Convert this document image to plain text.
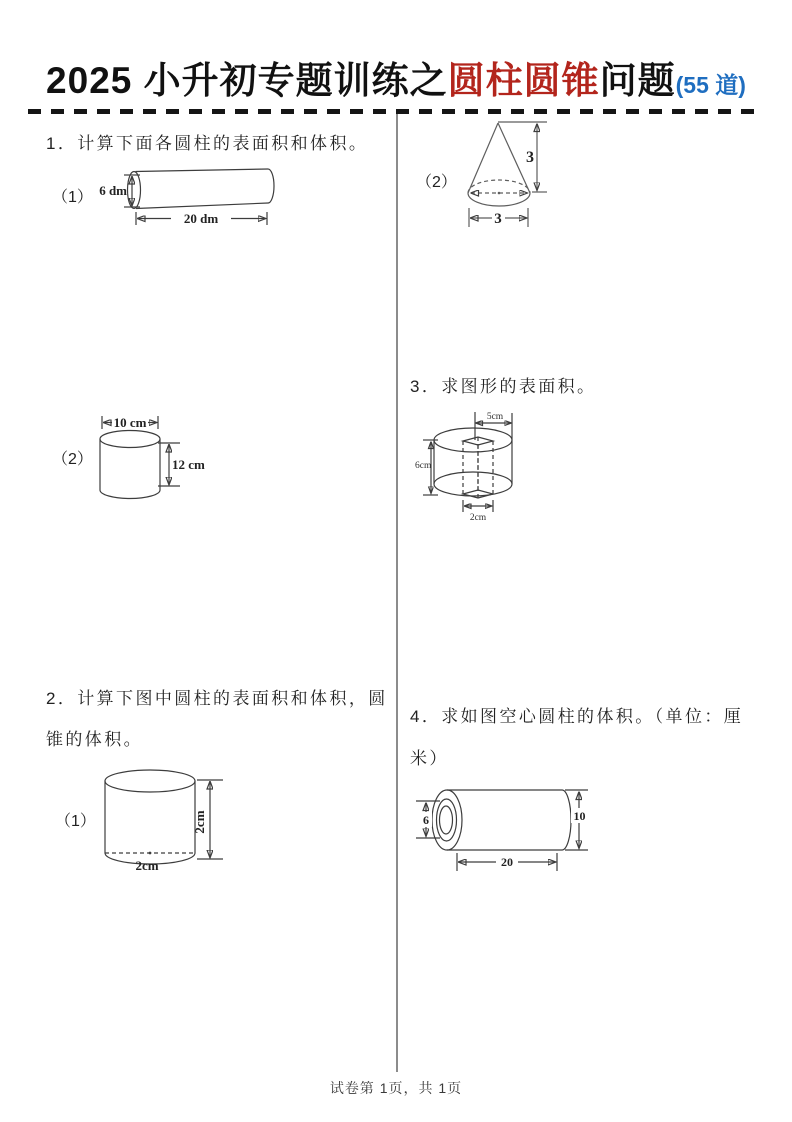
2025 小升初专题训练之圆柱圆锥问题(55 道)
1．计算下面各圆柱的表面积和体积。
（1） 6 dm
20 dm
（2）
10 cm
12 cm
2．计算下图中圆柱的表面积和体积，圆
锥的体积。
（1）
2cm
2cm
（2）
3
3
3．求图形的表面积。
5cm
6cm
2cm
4．求如图空心圆柱的体积。（单位：厘
米）
6	10
20
试卷第 1页，共 1页
